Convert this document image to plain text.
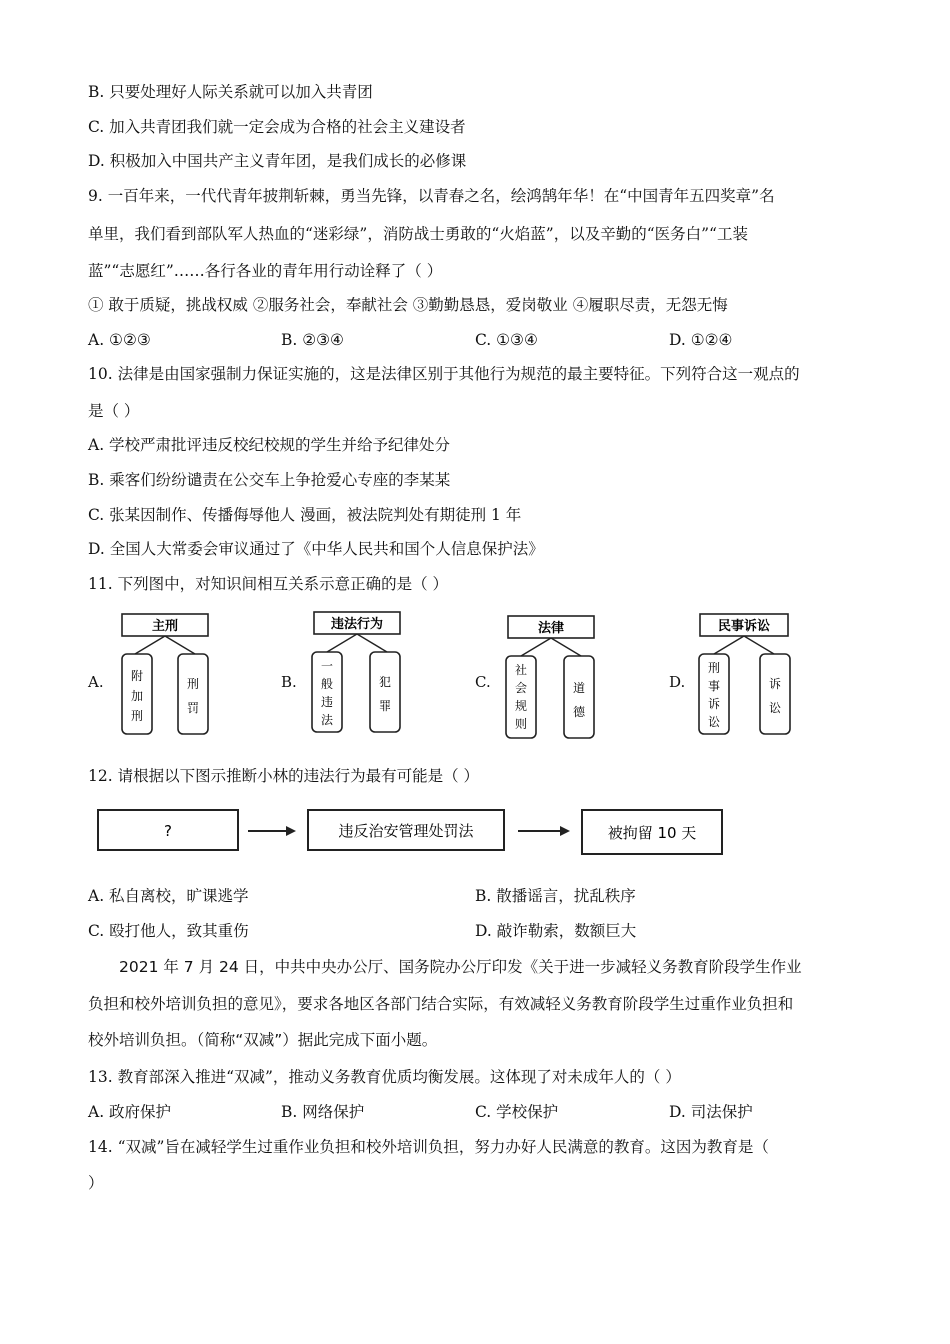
B. 只要处理好人际关系就可以加入共青团
C. 加入共青团我们就一定会成为合格的社会主义建设者
D. 积极加入中国共产主义青年团，是我们成长的必修课
9. 一百年来，一代代青年披荆斩棘，勇当先锋，以青春之名，绘鸿鹄年华！在“中国青年五四奖章”名
单里，我们看到部队军人热血的“迷彩绿”，消防战士勇敢的“火焰蓝”，以及辛勤的“医务白”“工装
蓝”“志愿红”……各行各业的青年用行动诠释了（ ）
① 敢于质疑，挑战权威 ②服务社会，奉献社会 ③勤勤恳恳，爱岗敬业 ④履职尽责，无怨无悔
A. ①②③	B. ②③④	C. ①③④	D. ①②④
10. 法律是由国家强制力保证实施的，这是法律区别于其他行为规范的最主要特征。下列符合这一观点的
是（ ）
A. 学校严肃批评违反校纪校规的学生并给予纪律处分
B. 乘客们纷纷谴责在公交车上争抢爱心专座的李某某
C. 张某因制作、传播侮辱他人 漫画，被法院判处有期徒刑 1 年
D. 全国人大常委会审议通过了《中华人民共和国个人信息保护法》
11. 下列图中，对知识间相互关系示意正确的是（ ）
A.
主刑
附
加
刑
刑
罚
B.
违法行为
一
般
违
法
犯
罪
C.
法律
社
会
规
则
道
德
D.
民事诉讼
刑
事
诉
讼
诉
讼
12. 请根据以下图示推断小林的违法行为最有可能是（ ）
?	违反治安管理处罚法	被拘留 10 天
A. 私自离校，旷课逃学	B. 散播谣言，扰乱秩序
C. 殴打他人，致其重伤	D. 敲诈勒索，数额巨大
2021 年 7 月 24 日，中共中央办公厅、国务院办公厅印发《关于进一步减轻义务教育阶段学生作业
负担和校外培训负担的意见》，要求各地区各部门结合实际，有效减轻义务教育阶段学生过重作业负担和
校外培训负担。（简称“双减”）据此完成下面小题。
13. 教育部深入推进“双减”，推动义务教育优质均衡发展。这体现了对未成年人的（ ）
A. 政府保护	B. 网络保护	C. 学校保护	D. 司法保护
14. “双减”旨在减轻学生过重作业负担和校外培训负担，努力办好人民满意的教育。这因为教育是（
）
